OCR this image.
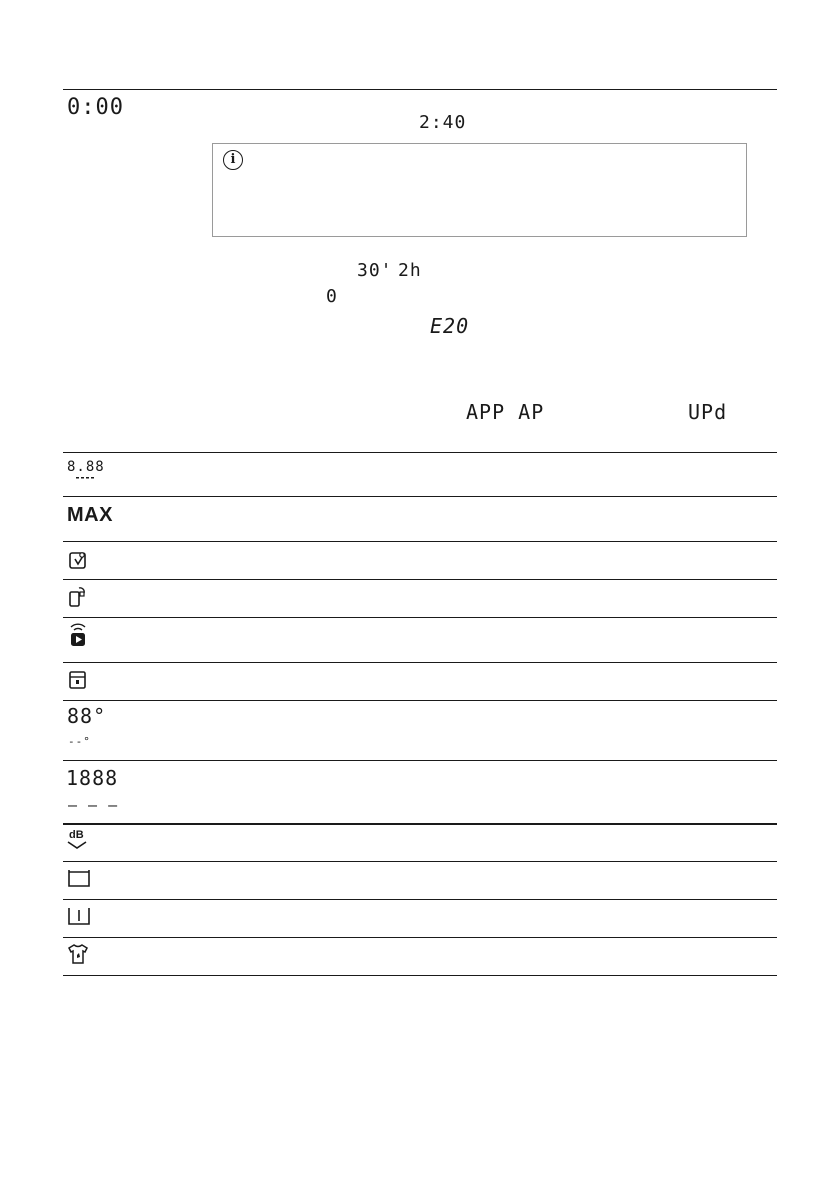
0:00
2:40
i
30' 2h
0
E20
APP AP	UPd
8.88
MAX
88°
--°
1888
– – –
dB
